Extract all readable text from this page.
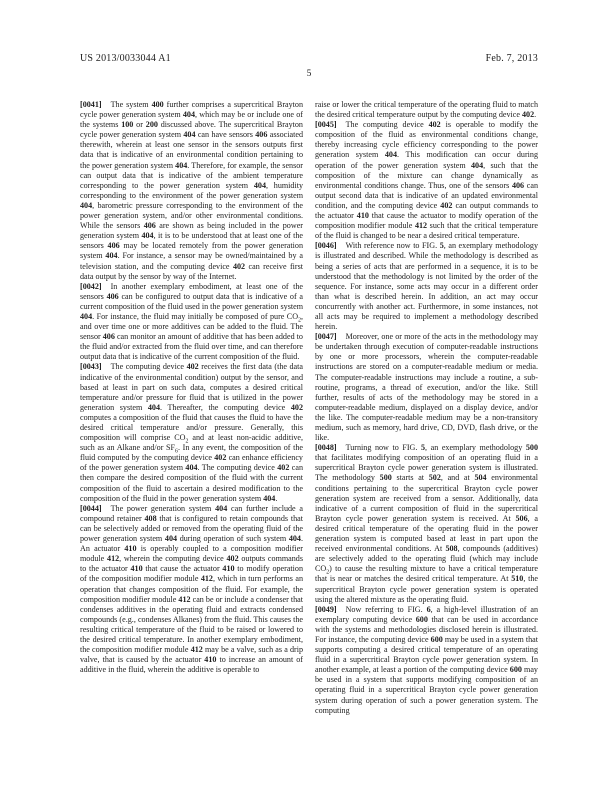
US 2013/0033044 A1	Feb. 7, 2013
5

[0041] The system 400 further comprises a supercritical Brayton cycle power generation system 404, which may be or include one of the systems 100 or 200 discussed above. The supercritical Brayton cycle power generation system 404 can have sensors 406 associated therewith, wherein at least one sensor in the sensors outputs first data that is indicative of an environmental condition pertaining to the power generation system 404. Therefore, for example, the sensor can output data that is indicative of the ambient temperature corresponding to the power generation system 404, humidity corresponding to the environment of the power generation system 404, barometric pressure corresponding to the environment of the power generation system, and/or other environmental conditions. While the sensors 406 are shown as being included in the power generation system 404, it is to be understood that at least one of the sensors 406 may be located remotely from the power generation system 404. For instance, a sensor may be owned/maintained by a television station, and the computing device 402 can receive first data output by the sensor by way of the Internet.

[0042] In another exemplary embodiment, at least one of the sensors 406 can be configured to output data that is indicative of a current composition of the fluid used in the power generation system 404. For instance, the fluid may initially be composed of pure $CO_2$, and over time one or more additives can be added to the fluid. The sensor 406 can monitor an amount of additive that has been added to the fluid and/or extracted from the fluid over time, and can therefore output data that is indicative of the current composition of the fluid.

[0043] The computing device 402 receives the first data (the data indicative of the environmental condition) output by the sensor, and based at least in part on such data, computes a desired critical temperature and/or pressure for fluid that is utilized in the power generation system 404. Thereafter, the computing device 402 computes a composition of the fluid that causes the fluid to have the desired critical temperature and/or pressure. Generally, this composition will comprise $CO_2$ and at least non-acidic additive, such as an Alkane and/or $SF_6$. In any event, the composition of the fluid computed by the computing device 402 can enhance efficiency of the power generation system 404. The computing device 402 can then compare the desired composition of the fluid with the current composition of the fluid to ascertain a desired modification to the composition of the fluid in the power generation system 404.

[0044] The power generation system 404 can further include a compound retainer 408 that is configured to retain compounds that can be selectively added or removed from the operating fluid of the power generation system 404 during operation of such system 404. An actuator 410 is operably coupled to a composition modifier module 412, wherein the computing device 402 outputs commands to the actuator 410 that cause the actuator 410 to modify operation of the composition modifier module 412, which in turn performs an operation that changes composition of the fluid. For example, the composition modifier module 412 can be or include a condenser that condenses additives in the operating fluid and extracts condensed compounds (e.g., condenses Alkanes) from the fluid. This causes the resulting critical temperature of the fluid to be raised or lowered to the desired critical temperature. In another exemplary embodiment, the composition modifier module 412 may be a valve, such as a drip valve, that is caused by the actuator 410 to increase an amount of additive in the fluid, wherein the additive is operable to

raise or lower the critical temperature of the operating fluid to match the desired critical temperature output by the computing device 402.

[0045] The computing device 402 is operable to modify the composition of the fluid as environmental conditions change, thereby increasing cycle efficiency corresponding to the power generation system 404. This modification can occur during operation of the power generation system 404, such that the composition of the mixture can change dynamically as environmental conditions change. Thus, one of the sensors 406 can output second data that is indicative of an updated environmental condition, and the computing device 402 can output commands to the actuator 410 that cause the actuator to modify operation of the composition modifier module 412 such that the critical temperature of the fluid is changed to be near a desired critical temperature.

[0046] With reference now to FIG. 5, an exemplary methodology is illustrated and described. While the methodology is described as being a series of acts that are performed in a sequence, it is to be understood that the methodology is not limited by the order of the sequence. For instance, some acts may occur in a different order than what is described herein. In addition, an act may occur concurrently with another act. Furthermore, in some instances, not all acts may be required to implement a methodology described herein.

[0047] Moreover, one or more of the acts in the methodology may be undertaken through execution of computer-readable instructions by one or more processors, wherein the computer-readable instructions are stored on a computer-readable medium or media. The computer-readable instructions may include a routine, a sub-routine, programs, a thread of execution, and/or the like. Still further, results of acts of the methodology may be stored in a computer-readable medium, displayed on a display device, and/or the like. The computer-readable medium may be a non-transitory medium, such as memory, hard drive, CD, DVD, flash drive, or the like.

[0048] Turning now to FIG. 5, an exemplary methodology 500 that facilitates modifying composition of an operating fluid in a supercritical Brayton cycle power generation system is illustrated. The methodology 500 starts at 502, and at 504 environmental conditions pertaining to the supercritical Brayton cycle power generation system are received from a sensor. Additionally, data indicative of a current composition of fluid in the supercritical Brayton cycle power generation system is received. At 506, a desired critical temperature of the operating fluid in the power generation system is computed based at least in part upon the received environmental conditions. At 508, compounds (additives) are selectively added to the operating fluid (which may include $CO_2$) to cause the resulting mixture to have a critical temperature that is near or matches the desired critical temperature. At 510, the supercritical Brayton cycle power generation system is operated using the altered mixture as the operating fluid.

[0049] Now referring to FIG. 6, a high-level illustration of an exemplary computing device 600 that can be used in accordance with the systems and methodologies disclosed herein is illustrated. For instance, the computing device 600 may be used in a system that supports computing a desired critical temperature of an operating fluid in a supercritical Brayton cycle power generation system. In another example, at least a portion of the computing device 600 may be used in a system that supports modifying composition of an operating fluid in a supercritical Brayton cycle power generation system during operation of such a power generation system. The computing
